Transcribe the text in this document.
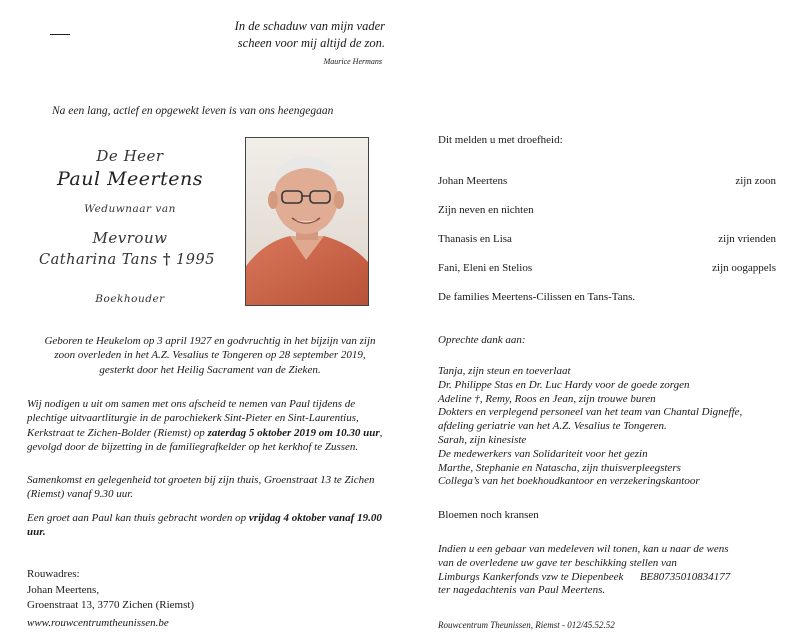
In de schaduw van mijn vader
scheen voor mij altijd de zon.
Maurice Hermans
Na een lang, actief en opgewekt leven is van ons heengegaan
De Heer
Paul Meertens
Weduwnaar van
Mevrouw
Catharina Tans † 1995
Boekhouder
Geboren te Heukelom op 3 april 1927 en godvruchtig in het bijzijn van zijn zoon overleden in het A.Z. Vesalius te Tongeren op 28 september 2019, gesterkt door het Heilig Sacrament van de Zieken.
Wij nodigen u uit om samen met ons afscheid te nemen van Paul tijdens de plechtige uitvaartliturgie in de parochiekerk Sint-Pieter en Sint-Laurentius, Kerkstraat te Zichen-Bolder (Riemst) op zaterdag 5 oktober 2019 om 10.30 uur, gevolgd door de bijzetting in de familiegrafkelder op het kerkhof te Zussen.
Samenkomst en gelegenheid tot groeten bij zijn thuis, Groenstraat 13 te Zichen (Riemst) vanaf 9.30 uur.
Een groet aan Paul kan thuis gebracht worden op vrijdag 4 oktober vanaf 19.00 uur.
Rouwadres:
Johan Meertens,
Groenstraat 13, 3770 Zichen (Riemst)
www.rouwcentrumtheunissen.be
Dit melden u met droefheid:
Johan Meertens	zijn zoon
Zijn neven en nichten
Thanasis en Lisa	zijn vrienden
Fani, Eleni en Stelios	zijn oogappels
De families Meertens-Cilissen en Tans-Tans.
Oprechte dank aan:
Tanja, zijn steun en toeverlaat
Dr. Philippe Stas en Dr. Luc Hardy voor de goede zorgen
Adeline †, Remy, Roos en Jean, zijn trouwe buren
Dokters en verplegend personeel van het team van Chantal Digneffe,
afdeling geriatrie van het A.Z. Vesalius te Tongeren.
Sarah, zijn kinesiste
De medewerkers van Solidariteit voor het gezin
Marthe, Stephanie en Natascha, zijn thuisverpleegsters
Collega’s van het boekhoudkantoor en verzekeringskantoor
Bloemen noch kransen
Indien u een gebaar van medeleven wil tonen, kan u naar de wens
van de overledene uw gave ter beschikking stellen van
Limburgs Kankerfonds vzw te Diepenbeek      BE80735010834177
ter nagedachtenis van Paul Meertens.
Rouwcentrum Theunissen, Riemst - 012/45.52.52
